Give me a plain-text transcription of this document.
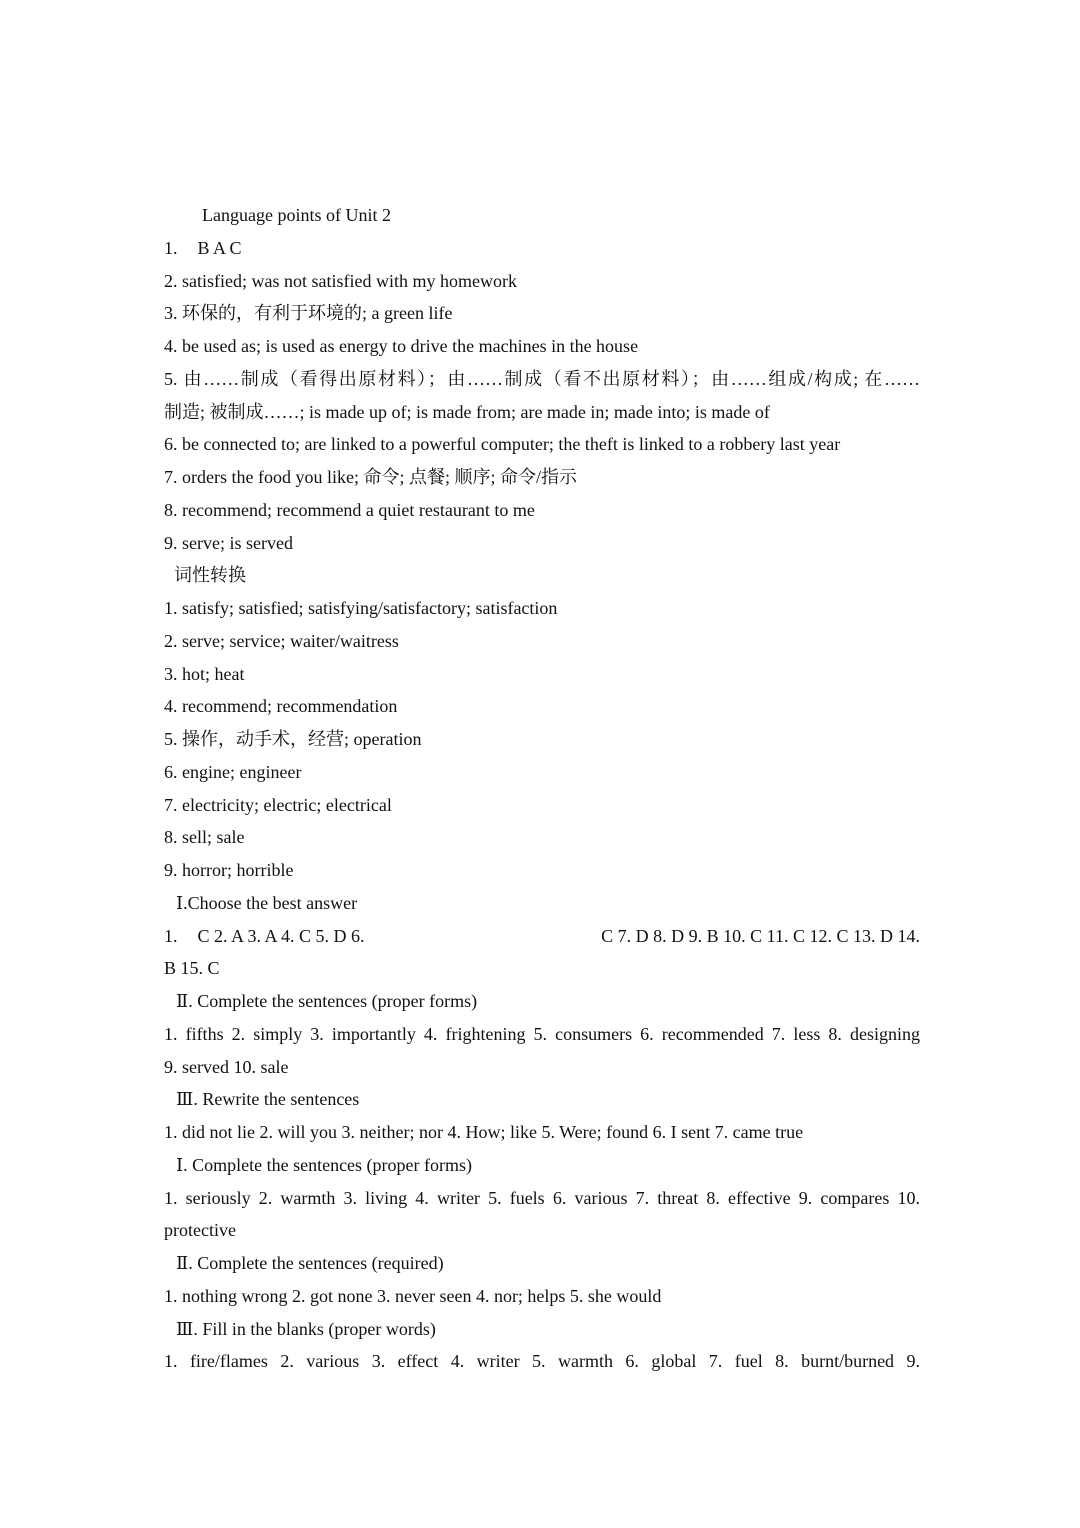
Language points of Unit 2
1. B A C
2. satisfied; was not satisfied with my homework
3. 环保的，有利于环境的; a green life
4. be used as; is used as energy to drive the machines in the house
5. 由……制成（看得出原材料）；由……制成（看不出原材料）；由……组成/构成; 在……
制造; 被制成……; is made up of; is made from; are made in; made into; is made of
6. be connected to; are linked to a powerful computer; the theft is linked to a robbery last year
7. orders the food you like; 命令; 点餐; 顺序; 命令/指示
8. recommend; recommend a quiet restaurant to me
9. serve; is served
词性转换
1. satisfy; satisfied; satisfying/satisfactory; satisfaction
2. serve; service; waiter/waitress
3. hot; heat
4. recommend; recommendation
5. 操作，动手术，经营; operation
6. engine; engineer
7. electricity; electric; electrical
8. sell; sale
9. horror; horrible
Ⅰ.Choose the best answer
1. C 2. A 3. A 4. C 5. D 6.	C 7. D 8. D 9. B 10. C 11. C 12. C 13. D 14.
B 15. C
Ⅱ. Complete the sentences (proper forms)
1. fifths 2. simply 3. importantly 4. frightening 5. consumers 6. recommended 7. less 8. designing
9. served 10. sale
Ⅲ. Rewrite the sentences
1. did not lie 2. will you 3. neither; nor 4. How; like 5. Were; found 6. I sent 7. came true
Ⅰ. Complete the sentences (proper forms)
1. seriously 2. warmth 3. living 4. writer 5. fuels 6. various 7. threat 8. effective 9. compares 10.
protective
Ⅱ. Complete the sentences (required)
1. nothing wrong 2. got none 3. never seen 4. nor; helps 5. she would
Ⅲ. Fill in the blanks (proper words)
1. fire/flames 2. various 3. effect 4. writer 5. warmth 6. global 7. fuel 8. burnt/burned 9.
